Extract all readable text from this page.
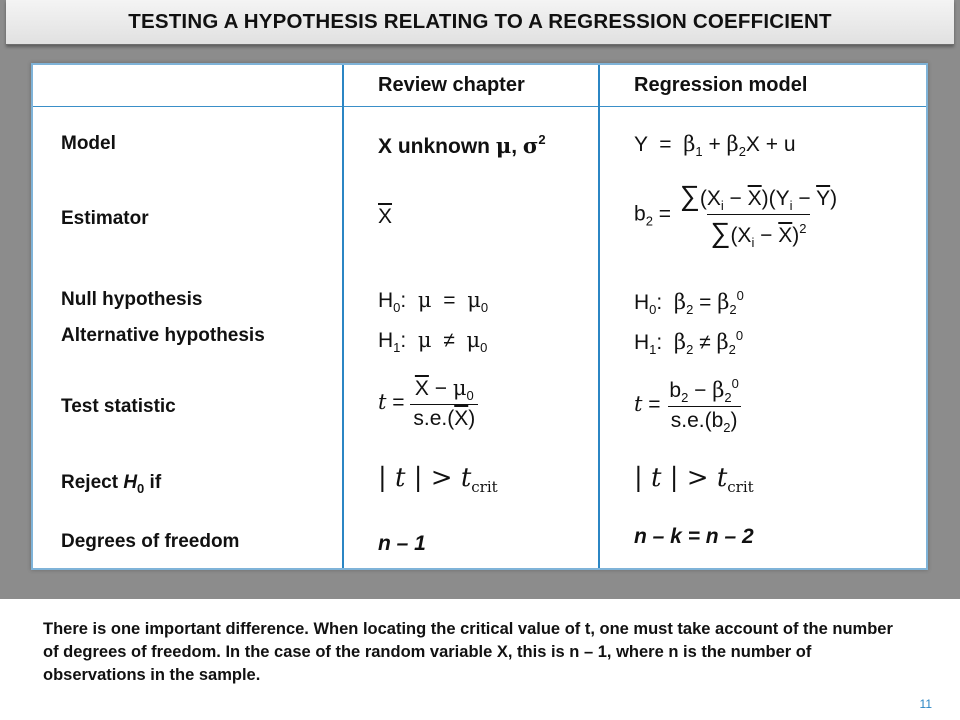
TESTING A HYPOTHESIS RELATING TO A REGRESSION COEFFICIENT
Review chapter	Regression model
Model
Estimator
Null hypothesis
Alternative hypothesis
Test statistic
Reject $H_0$ if
Degrees of freedom
X unknown μ, $\sigma^2$
$\overline{X}$
$H_0$:  $\mu = \mu_0$
$H_1$:  $\mu \ne \mu_0$
$t = \frac{\overline{X} - \mu_0}{s.e.(\overline{X})}$
| t | > $t_{crit}$
n – 1
$Y = \beta_1 + \beta_2X + u$
$b_2 = \frac{\sum(X_i - \overline{X})(Y_i - \overline{Y})}{\sum(X_i - \overline{X})^2}$
$H_0$:  $\beta_2 = \beta_2^0$
$H_1$:  $\beta_2 \ne \beta_2^0$
$t = \frac{b_2 - \beta_2^0}{s.e.(b_2)}$
| t | > $t_{crit}$
n – k = n – 2

There is one important difference. When locating the critical value of t, one must take account of the number of degrees of freedom. In the case of the random variable X, this is n – 1, where n is the number of observations in the sample.

11
